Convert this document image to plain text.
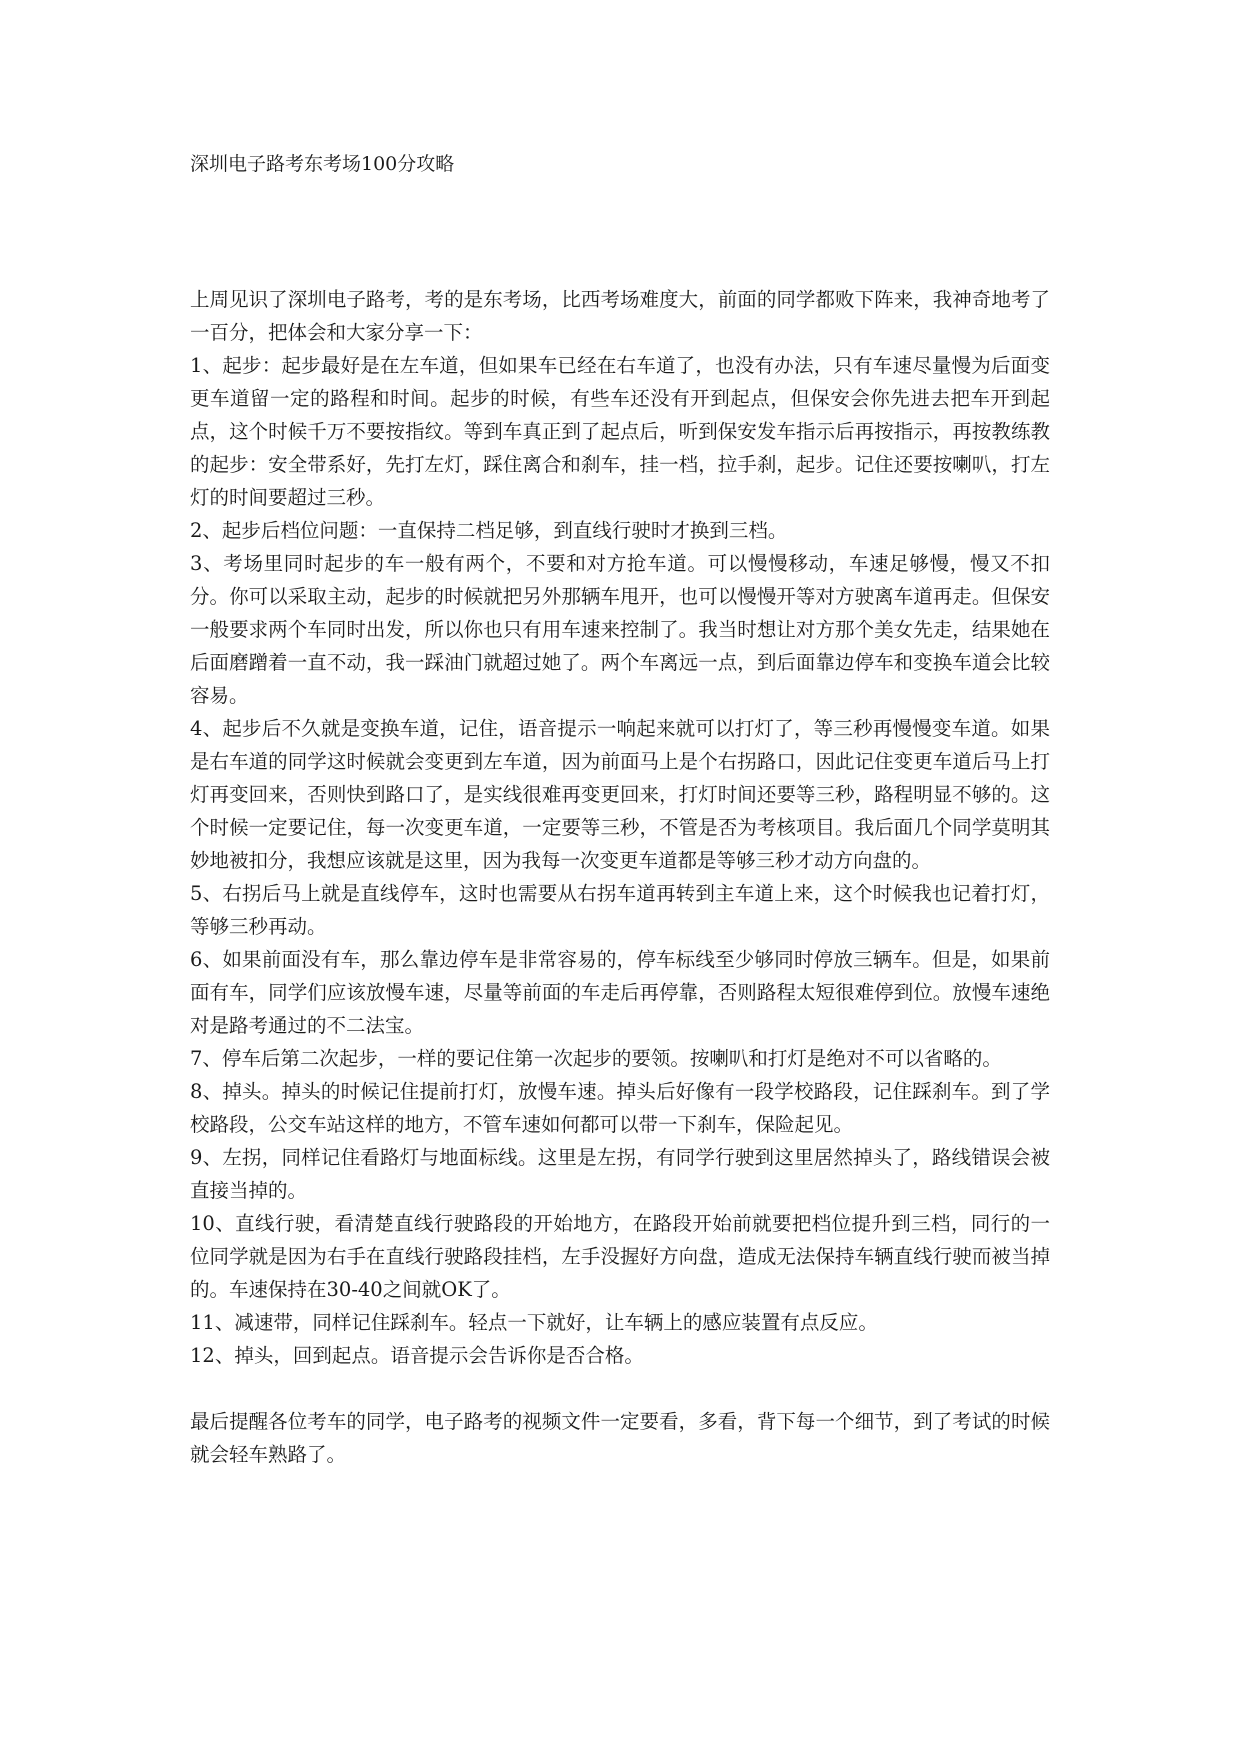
深圳电子路考东考场100分攻略

上周见识了深圳电子路考，考的是东考场，比西考场难度大，前面的同学都败下阵来，我神奇地考了一百分，把体会和大家分享一下：

1、起步：起步最好是在左车道，但如果车已经在右车道了，也没有办法，只有车速尽量慢为后面变更车道留一定的路程和时间。起步的时候，有些车还没有开到起点，但保安会你先进去把车开到起点，这个时候千万不要按指纹。等到车真正到了起点后，听到保安发车指示后再按指示，再按教练教的起步：安全带系好，先打左灯，踩住离合和刹车，挂一档，拉手刹，起步。记住还要按喇叭，打左灯的时间要超过三秒。

2、起步后档位问题：一直保持二档足够，到直线行驶时才换到三档。

3、考场里同时起步的车一般有两个，不要和对方抢车道。可以慢慢移动，车速足够慢，慢又不扣分。你可以采取主动，起步的时候就把另外那辆车甩开，也可以慢慢开等对方驶离车道再走。但保安一般要求两个车同时出发，所以你也只有用车速来控制了。我当时想让对方那个美女先走，结果她在后面磨蹭着一直不动，我一踩油门就超过她了。两个车离远一点，到后面靠边停车和变换车道会比较容易。

4、起步后不久就是变换车道，记住，语音提示一响起来就可以打灯了，等三秒再慢慢变车道。如果是右车道的同学这时候就会变更到左车道，因为前面马上是个右拐路口，因此记住变更车道后马上打灯再变回来，否则快到路口了，是实线很难再变更回来，打灯时间还要等三秒，路程明显不够的。这个时候一定要记住，每一次变更车道，一定要等三秒，不管是否为考核项目。我后面几个同学莫明其妙地被扣分，我想应该就是这里，因为我每一次变更车道都是等够三秒才动方向盘的。

5、右拐后马上就是直线停车，这时也需要从右拐车道再转到主车道上来，这个时候我也记着打灯，等够三秒再动。

6、如果前面没有车，那么靠边停车是非常容易的，停车标线至少够同时停放三辆车。但是，如果前面有车，同学们应该放慢车速，尽量等前面的车走后再停靠，否则路程太短很难停到位。放慢车速绝对是路考通过的不二法宝。

7、停车后第二次起步，一样的要记住第一次起步的要领。按喇叭和打灯是绝对不可以省略的。

8、掉头。掉头的时候记住提前打灯，放慢车速。掉头后好像有一段学校路段，记住踩刹车。到了学校路段，公交车站这样的地方，不管车速如何都可以带一下刹车，保险起见。

9、左拐，同样记住看路灯与地面标线。这里是左拐，有同学行驶到这里居然掉头了，路线错误会被直接当掉的。

10、直线行驶，看清楚直线行驶路段的开始地方，在路段开始前就要把档位提升到三档，同行的一位同学就是因为右手在直线行驶路段挂档，左手没握好方向盘，造成无法保持车辆直线行驶而被当掉的。车速保持在30-40之间就OK了。

11、减速带，同样记住踩刹车。轻点一下就好，让车辆上的感应装置有点反应。

12、掉头，回到起点。语音提示会告诉你是否合格。

最后提醒各位考车的同学，电子路考的视频文件一定要看，多看，背下每一个细节，到了考试的时候就会轻车熟路了。
